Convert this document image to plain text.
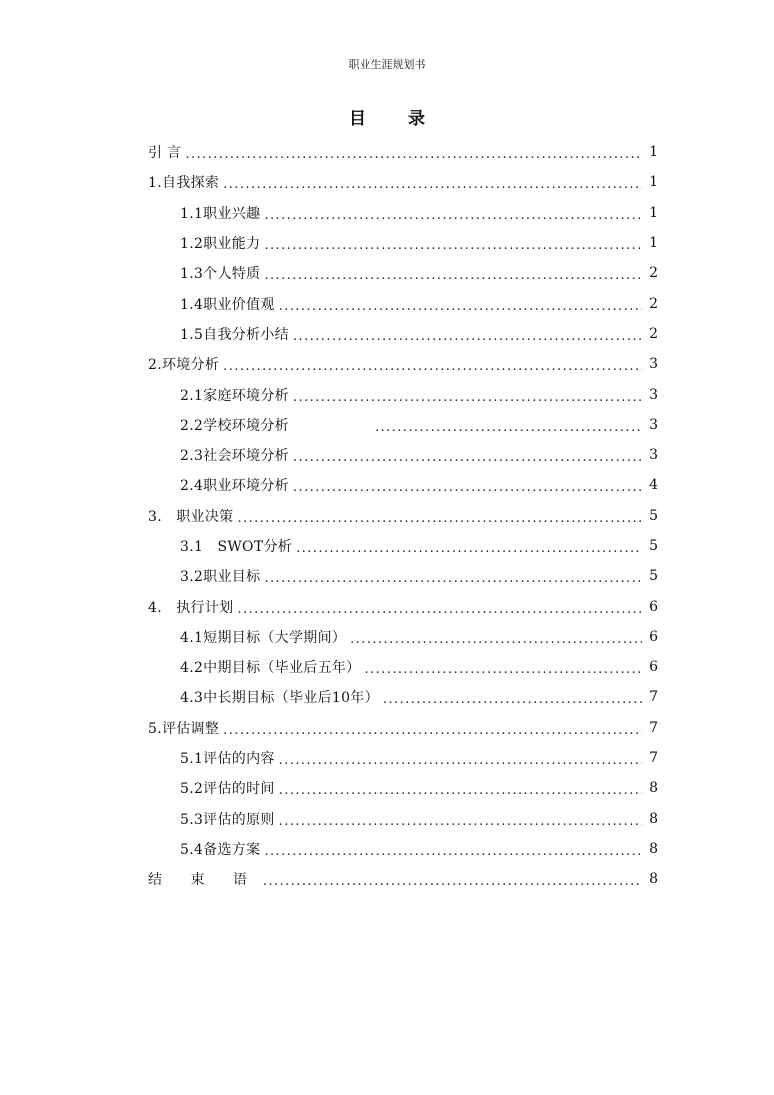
职业生涯规划书
目 录
引 言 . . .	1
1.自我探索 . . .	1
1.1职业兴趣 . . .	1
1.2职业能力 . . .	1
1.3个人特质 . . .	2
1.4职业价值观 . . .	2
1.5自我分析小结 . . .	2
2.环境分析 . . .	3
2.1家庭环境分析 . . .	3
2.2学校环境分析 . . .	3
2.3社会环境分析 . . .	3
2.4职业环境分析 . . .	4
3.　职业决策 . . .	5
3.1　SWOT分析 . . .	5
3.2职业目标 . . .	5
4.　执行计划 . . .	6
4.1短期目标（大学期间） . . .	6
4.2中期目标（毕业后五年） . . .	6
4.3中长期目标（毕业后10年） . . .	7
5.评估调整 . . .	7
5.1评估的内容 . . .	7
5.2评估的时间 . . .	8
5.3评估的原则 . . .	8
5.4备选方案 . . .	8
结 束 语 . . .	8
